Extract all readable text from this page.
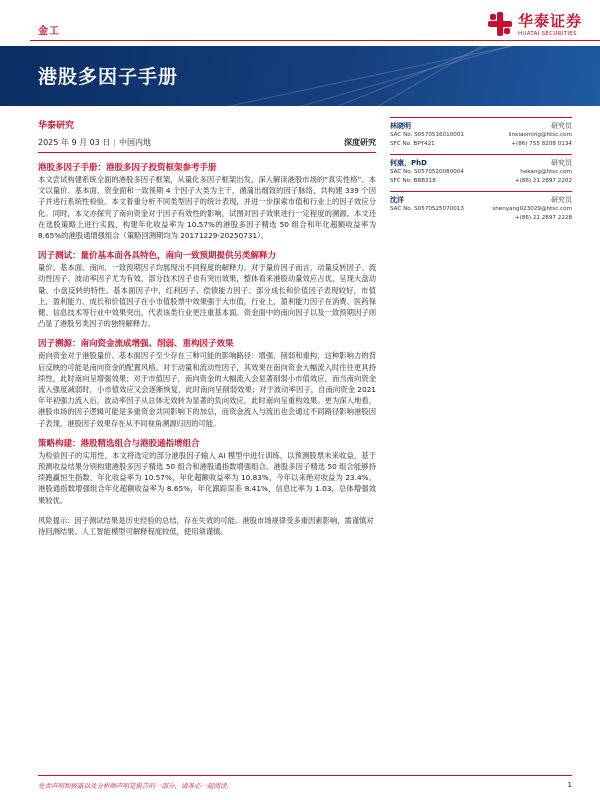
金工
华泰证券
HUATAI SECURITIES
港股多因子手册
华泰研究
2025 年 9 月 03 日 | 中国内地	深度研究
港股多因子手册：港股多因子投资框架参考手册
本文尝试构建系统全面的港股多因子框架，从量化多因子框架出发，深入解读港股市场的“真实性格”。本文以量价、基本面、资金面和一致预期 4 个因子大类为主干，循蒲出细致的因子脉络，共构建 339 个因子并进行系统性检验。本文着重分析不同类型因子的统计表现，并进一步探索市值和行业上的因子效应分化。同时，本文亦探究了南向资金对于因子有效性的影响，试图对因子效果进行一定程度的溯源。本文还在选股策略上进行实践，构建年化收益率为 10.57%的港股多因子精选 50 组合和年化超额收益率为 8.65%的港股通增强组合（策略回测期均为 20171229-20250731）。
因子测试：量价基本面各具特色，南向一致预期提供另类解释力
量价、基本面、南向、一致预期因子均展现出不同程度的解释力。对于量价因子而言，动量反转因子、流动性因子、波动率因子尤为有效，部分技术因子也有突出效果，整体看来港股动量效应占优，呈现大盘动量、小盘反转的特性。基本面因子中，红利因子、偿债能力因子、部分成长和价值因子表现较好，市值上，盈利能力、成长和价值因子在小市值股票中效果强于大市值，行业上，盈利能力因子在消费、医药保健、信息技术等行业中效果突出，代表该类行业更注重基本面。资金面中的南向因子以及一致预期因子则凸显了港股另类因子的独特解释力。
因子溯源：南向资金流成增强、削弱、重构因子效果
南向资金对于港股量价、基本面因子至少存在三种可能的影响路径：增强、削弱和重构，这种影响力的背后反映的可能是南向资金的配置风格。对于动量和流动性因子，其效果在南向资金大幅流入时往往更具持续性，此时南向呈增强效果；对于市值因子，南向资金的大幅流入会显著削弱小市值效应，而当南向资金流入强度减弱时，小市值效应又会逐渐恢复，此时南向呈削弱效果；对于波动率因子，自南向资金 2021 年年初强力流入后，波动率因子从总体无效转为显著的负向效应，此时南向呈重构效果。更为深入地看，港股市场的因子逻辑可能是多重资金共同影响下的加总，而资金流入与流出也会通过不同路径影响港股因子表现。港股因子效果存在从不同视角溯源归因的可能。
策略构建：港股精选组合与港股通指增组合
为检验因子的实用性，本文将选定的部分港股因子输入 AI 模型中进行训练，以预测股票未来收益，基于预测收益结果分别构建港股多因子精选 50 组合和港股通指数增强组合。港股多因子精选 50 组合能够持续跑赢恒生指数，年化收益率为 10.57%，年化超额收益率为 10.83%，今年以来绝对收益为 23.4%。港股通指数增强组合年化超额收益率为 8.65%，年化跟踪误差 8.41%，信息比率为 1.03，总体增强效果较优。
风险提示：因子测试结果是历史经验的总结，存在失效的可能。港股市场规律受多重因素影响，需谨慎对待回测结果。人工智能模型可解释程度较低，使用须谨慎。
林晓明	研究员
SAC No. S0570516010001	linxiaoming@htsc.com
SFC No. BPY421	+(86) 755 8208 0134
何康，PhD	研究员
SAC No. S0570520080004	hekang@htsc.com
SFC No. BRB318	+(86) 21 2897 2202
沈洋	研究员
SAC No. S0570525070013	shenyang023029@htsc.com
+(86) 21 2897 2228
免责声明和披露以及分析师声明是报告的一部分，请务必一起阅读。	1
